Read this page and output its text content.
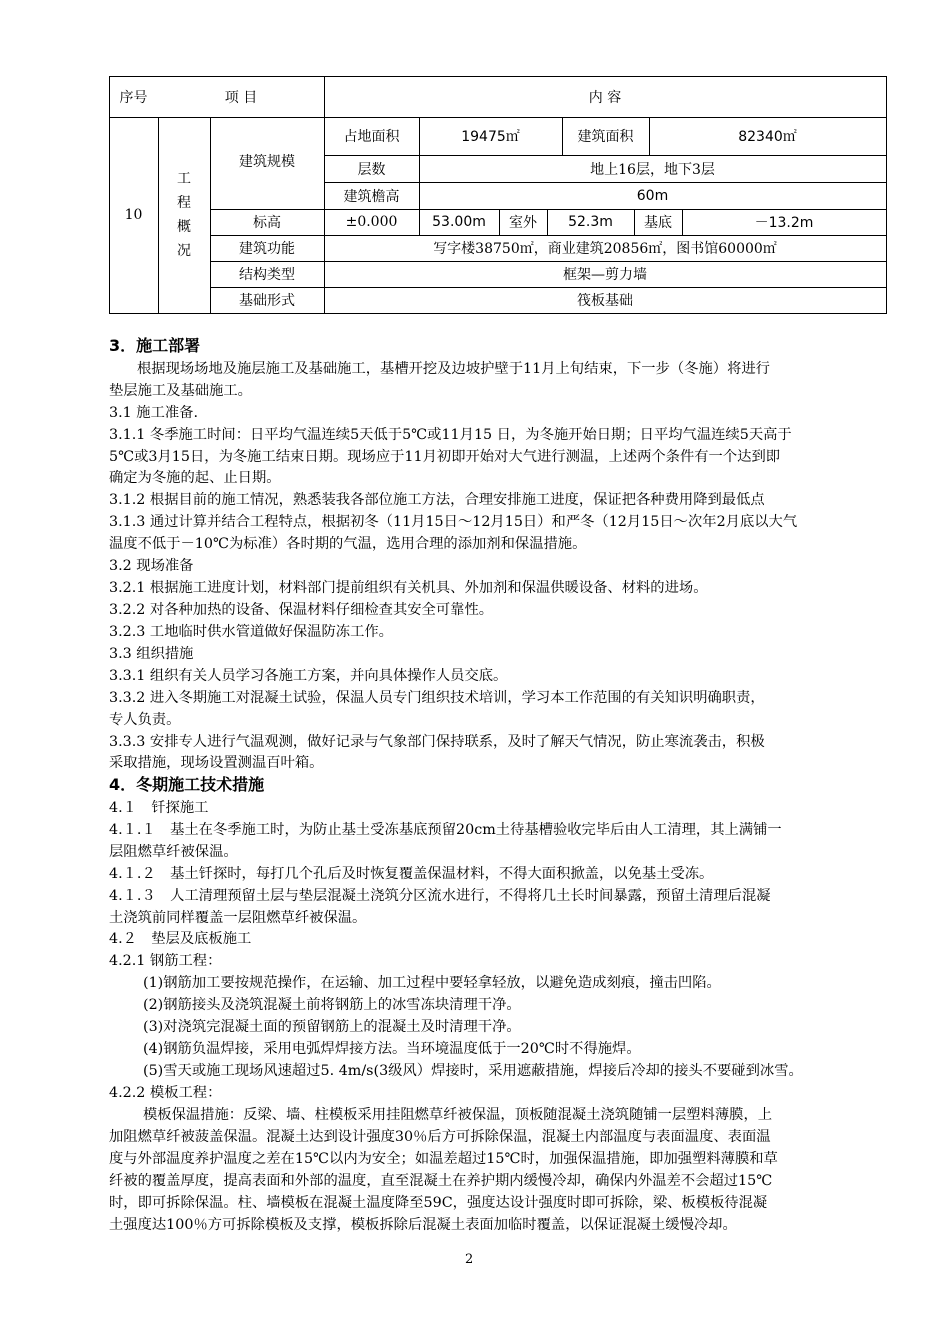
序号	项 目	内 容
10
工
程
概
况
建筑规模
占地面积	19475㎡	建筑面积	82340㎡
层数	地上16层，地下3层
建筑檐高	60m
标高	±0.000	53.00m	室外	52.3m	基底	－13.2m
建筑功能	写字楼38750㎡，商业建筑20856㎡，图书馆60000㎡
结构类型	框架—剪力墙
基础形式	筏板基础
3．施工部署
根据现场场地及施层施工及基础施工，基槽开挖及边坡护壁于11月上旬结束，下一步（冬施）将进行
垫层施工及基础施工。
3.1 施工准备.
3.1.1 冬季施工时间：日平均气温连续5天低于5℃或11月15 日，为冬施开始日期；日平均气温连续5天高于
5℃或3月15日，为冬施工结束日期。现场应于11月初即开始对大气进行测温，上述两个条件有一个达到即
确定为冬施的起、止日期。
3.1.2 根据目前的施工情况，熟悉装我各部位施工方法，合理安排施工进度，保证把各种费用降到最低点
3.1.3 通过计算并结合工程特点，根据初冬（11月15日～12月15日）和严冬（12月15日～次年2月底以大气
温度不低于－10℃为标准）各时期的气温，选用合理的添加剂和保温措施。
3.2 现场准备
3.2.1 根据施工进度计划，材料部门提前组织有关机具、外加剂和保温供暖设备、材料的进场。
3.2.2 对各种加热的设备、保温材料仔细检查其安全可靠性。
3.2.3 工地临时供水管道做好保温防冻工作。
3.3 组织措施
3.3.1 组织有关人员学习各施工方案，并向具体操作人员交底。
3.3.2 进入冬期施工对混凝土试验，保温人员专门组织技术培训，学习本工作范围的有关知识明确职责，
专人负责。
3.3.3 安排专人进行气温观测，做好记录与气象部门保持联系，及时了解天气情况，防止寒流袭击，积极
采取措施，现场设置测温百叶箱。
4．冬期施工技术措施
4.１　钎探施工
4.１.１　基土在冬季施工时，为防止基土受冻基底预留20cm土待基槽验收完毕后由人工清理，其上满铺一
层阻燃草纤被保温。
4.１.２　基土钎探时，每打几个孔后及时恢复覆盖保温材料，不得大面积掀盖，以免基土受冻。
4.１.３　人工清理预留土层与垫层混凝土浇筑分区流水进行，不得将几土长时间暴露，预留土清理后混凝
土浇筑前同样覆盖一层阻燃草纤被保温。
4.２　垫层及底板施工
4.2.1 钢筋工程：
(1)钢筋加工要按规范操作，在运输、加工过程中要轻拿轻放，以避免造成刻痕，撞击凹陷。
(2)钢筋接头及浇筑混凝土前将钢筋上的冰雪冻块清理干净。
(3)对浇筑完混凝土面的预留钢筋上的混凝土及时清理干净。
(4)钢筋负温焊接，采用电弧焊焊接方法。当环境温度低于一20℃时不得施焊。
(5)雪天或施工现场风速超过5. 4m/s(3级风）焊接时，采用遮蔽措施，焊接后冷却的接头不要碰到冰雪。
4.2.2 模板工程：
模板保温措施：反梁、墙、柱模板采用挂阻燃草纤被保温，顶板随混凝土浇筑随铺一层塑料薄膜，上
加阻燃草纤被菠盖保温。混凝土达到设计强度30％后方可拆除保温，混凝土内部温度与表面温度、表面温
度与外部温度养护温度之差在15℃以内为安全；如温差超过15℃时，加强保温措施，即加强塑料薄膜和草
纤被的覆盖厚度，提高表面和外部的温度，直至混凝土在养护期内缓慢冷却，确保内外温差不会超过15℃
时，即可拆除保温。柱、墙模板在混凝土温度降至59C，强度达设计强度时即可拆除，梁、板模板待混凝
土强度达100％方可拆除模板及支撑，模板拆除后混凝土表面加临时覆盖，以保证混凝土缓慢冷却。
2
